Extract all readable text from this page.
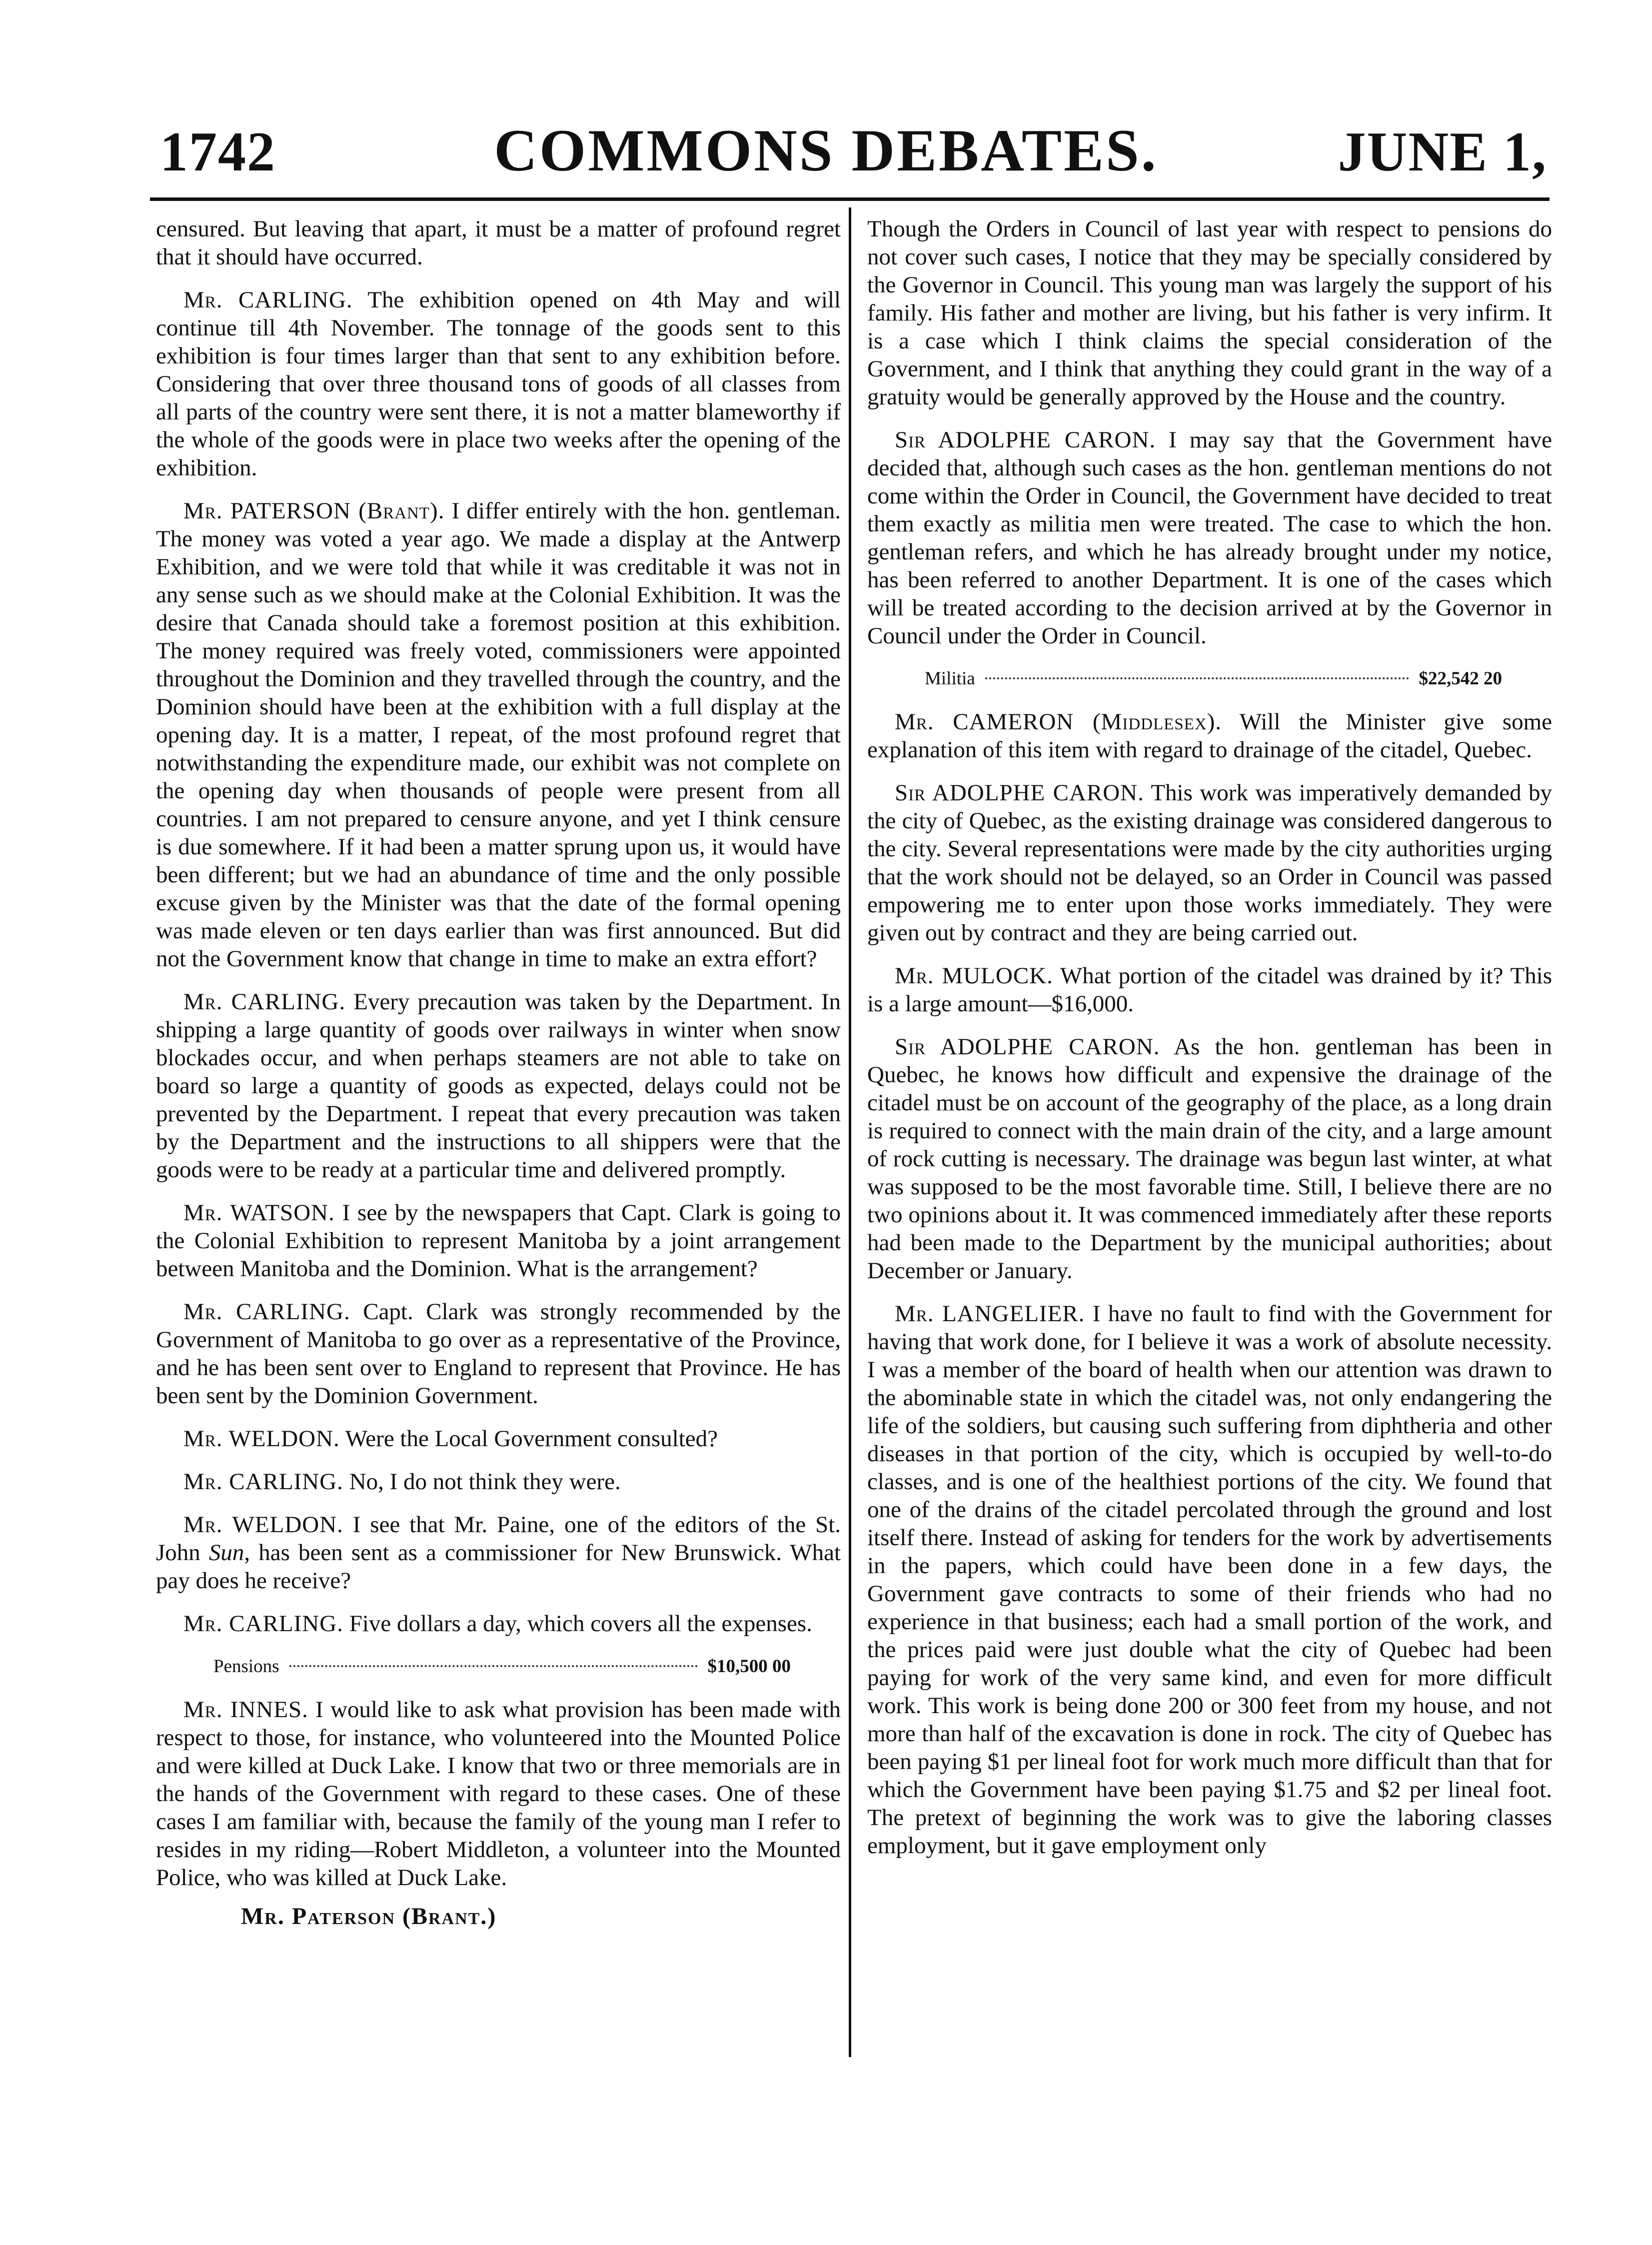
1742	COMMONS DEBATES.	JUNE 1,

censured. But leaving that apart, it must be a matter of profound regret that it should have occurred.

Mr. CARLING. The exhibition opened on 4th May and will continue till 4th November. The tonnage of the goods sent to this exhibition is four times larger than that sent to any exhibition before. Considering that over three thousand tons of goods of all classes from all parts of the country were sent there, it is not a matter blameworthy if the whole of the goods were in place two weeks after the opening of the exhibition.

Mr. PATERSON (Brant). I differ entirely with the hon. gentleman. The money was voted a year ago. We made a display at the Antwerp Exhibition, and we were told that while it was creditable it was not in any sense such as we should make at the Colonial Exhibition. It was the desire that Canada should take a foremost position at this exhibition. The money required was freely voted, commissioners were appointed throughout the Dominion and they travelled through the country, and the Dominion should have been at the exhibition with a full display at the opening day. It is a matter, I repeat, of the most profound regret that notwithstanding the expenditure made, our exhibit was not complete on the opening day when thousands of people were present from all countries. I am not prepared to censure anyone, and yet I think censure is due somewhere. If it had been a matter sprung upon us, it would have been different; but we had an abundance of time and the only possible excuse given by the Minister was that the date of the formal opening was made eleven or ten days earlier than was first announced. But did not the Government know that change in time to make an extra effort?

Mr. CARLING. Every precaution was taken by the Department. In shipping a large quantity of goods over railways in winter when snow blockades occur, and when perhaps steamers are not able to take on board so large a quantity of goods as expected, delays could not be prevented by the Department. I repeat that every precaution was taken by the Department and the instructions to all shippers were that the goods were to be ready at a particular time and delivered promptly.

Mr. WATSON. I see by the newspapers that Capt. Clark is going to the Colonial Exhibition to represent Manitoba by a joint arrangement between Manitoba and the Dominion. What is the arrangement?

Mr. CARLING. Capt. Clark was strongly recommended by the Government of Manitoba to go over as a representative of the Province, and he has been sent over to England to represent that Province. He has been sent by the Dominion Government.

Mr. WELDON. Were the Local Government consulted?

Mr. CARLING. No, I do not think they were.

Mr. WELDON. I see that Mr. Paine, one of the editors of the St. John Sun, has been sent as a commissioner for New Brunswick. What pay does he receive?

Mr. CARLING. Five dollars a day, which covers all the expenses.

Pensions	$10,500 00

Mr. INNES. I would like to ask what provision has been made with respect to those, for instance, who volunteered into the Mounted Police and were killed at Duck Lake. I know that two or three memorials are in the hands of the Government with regard to these cases. One of these cases I am familiar with, because the family of the young man I refer to resides in my riding—Robert Middleton, a volunteer into the Mounted Police, who was killed at Duck Lake.

Mr. Paterson (Brant.)

Though the Orders in Council of last year with respect to pensions do not cover such cases, I notice that they may be specially considered by the Governor in Council. This young man was largely the support of his family. His father and mother are living, but his father is very infirm. It is a case which I think claims the special consideration of the Government, and I think that anything they could grant in the way of a gratuity would be generally approved by the House and the country.

Sir ADOLPHE CARON. I may say that the Government have decided that, although such cases as the hon. gentleman mentions do not come within the Order in Council, the Government have decided to treat them exactly as militia men were treated. The case to which the hon. gentleman refers, and which he has already brought under my notice, has been referred to another Department. It is one of the cases which will be treated according to the decision arrived at by the Governor in Council under the Order in Council.

Militia	$22,542 20

Mr. CAMERON (Middlesex). Will the Minister give some explanation of this item with regard to drainage of the citadel, Quebec.

Sir ADOLPHE CARON. This work was imperatively demanded by the city of Quebec, as the existing drainage was considered dangerous to the city. Several representations were made by the city authorities urging that the work should not be delayed, so an Order in Council was passed empowering me to enter upon those works immediately. They were given out by contract and they are being carried out.

Mr. MULOCK. What portion of the citadel was drained by it? This is a large amount—$16,000.

Sir ADOLPHE CARON. As the hon. gentleman has been in Quebec, he knows how difficult and expensive the drainage of the citadel must be on account of the geography of the place, as a long drain is required to connect with the main drain of the city, and a large amount of rock cutting is necessary. The drainage was begun last winter, at what was supposed to be the most favorable time. Still, I believe there are no two opinions about it. It was commenced immediately after these reports had been made to the Department by the municipal authorities; about December or January.

Mr. LANGELIER. I have no fault to find with the Government for having that work done, for I believe it was a work of absolute necessity. I was a member of the board of health when our attention was drawn to the abominable state in which the citadel was, not only endangering the life of the soldiers, but causing such suffering from diphtheria and other diseases in that portion of the city, which is occupied by well-to-do classes, and is one of the healthiest portions of the city. We found that one of the drains of the citadel percolated through the ground and lost itself there. Instead of asking for tenders for the work by advertisements in the papers, which could have been done in a few days, the Government gave contracts to some of their friends who had no experience in that business; each had a small portion of the work, and the prices paid were just double what the city of Quebec had been paying for work of the very same kind, and even for more difficult work. This work is being done 200 or 300 feet from my house, and not more than half of the excavation is done in rock. The city of Quebec has been paying $1 per lineal foot for work much more difficult than that for which the Government have been paying $1.75 and $2 per lineal foot. The pretext of beginning the work was to give the laboring classes employment, but it gave employment only
